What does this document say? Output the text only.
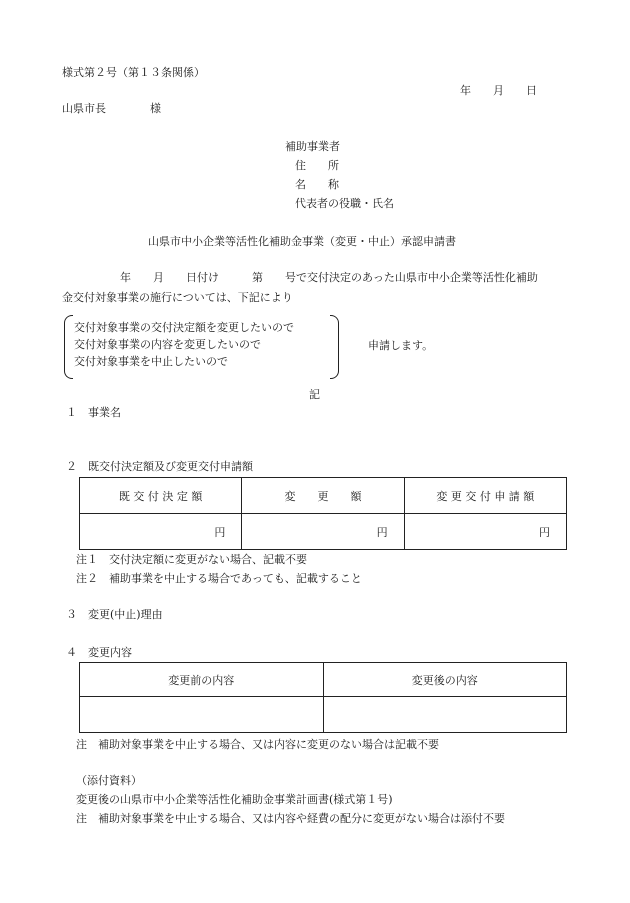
様式第２号（第１３条関係）
年　　月　　日
山県市長　　　　様
補助事業者
住　　所
名　　称
代表者の役職・氏名
山県市中小企業等活性化補助金事業（変更・中止）承認申請書
年　　月　　日付け　　　第　　号で交付決定のあった山県市中小企業等活性化補助
金交付対象事業の施行については、下記により
交付対象事業の交付決定額を変更したいので
交付対象事業の内容を変更したいので
交付対象事業を中止したいので
申請します。
記
１　事業名
２　既交付決定額及び変更交付申請額
既 交 付 決 定 額	変　　更　　額	変 更 交 付 申 請 額
円	円	円
注１　交付決定額に変更がない場合、記載不要
注２　補助事業を中止する場合であっても、記載すること
３　変更(中止)理由
４　変更内容
変更前の内容	変更後の内容

注　補助対象事業を中止する場合、又は内容に変更のない場合は記載不要
（添付資料）
変更後の山県市中小企業等活性化補助金事業計画書(様式第１号)
注　補助対象事業を中止する場合、又は内容や経費の配分に変更がない場合は添付不要
